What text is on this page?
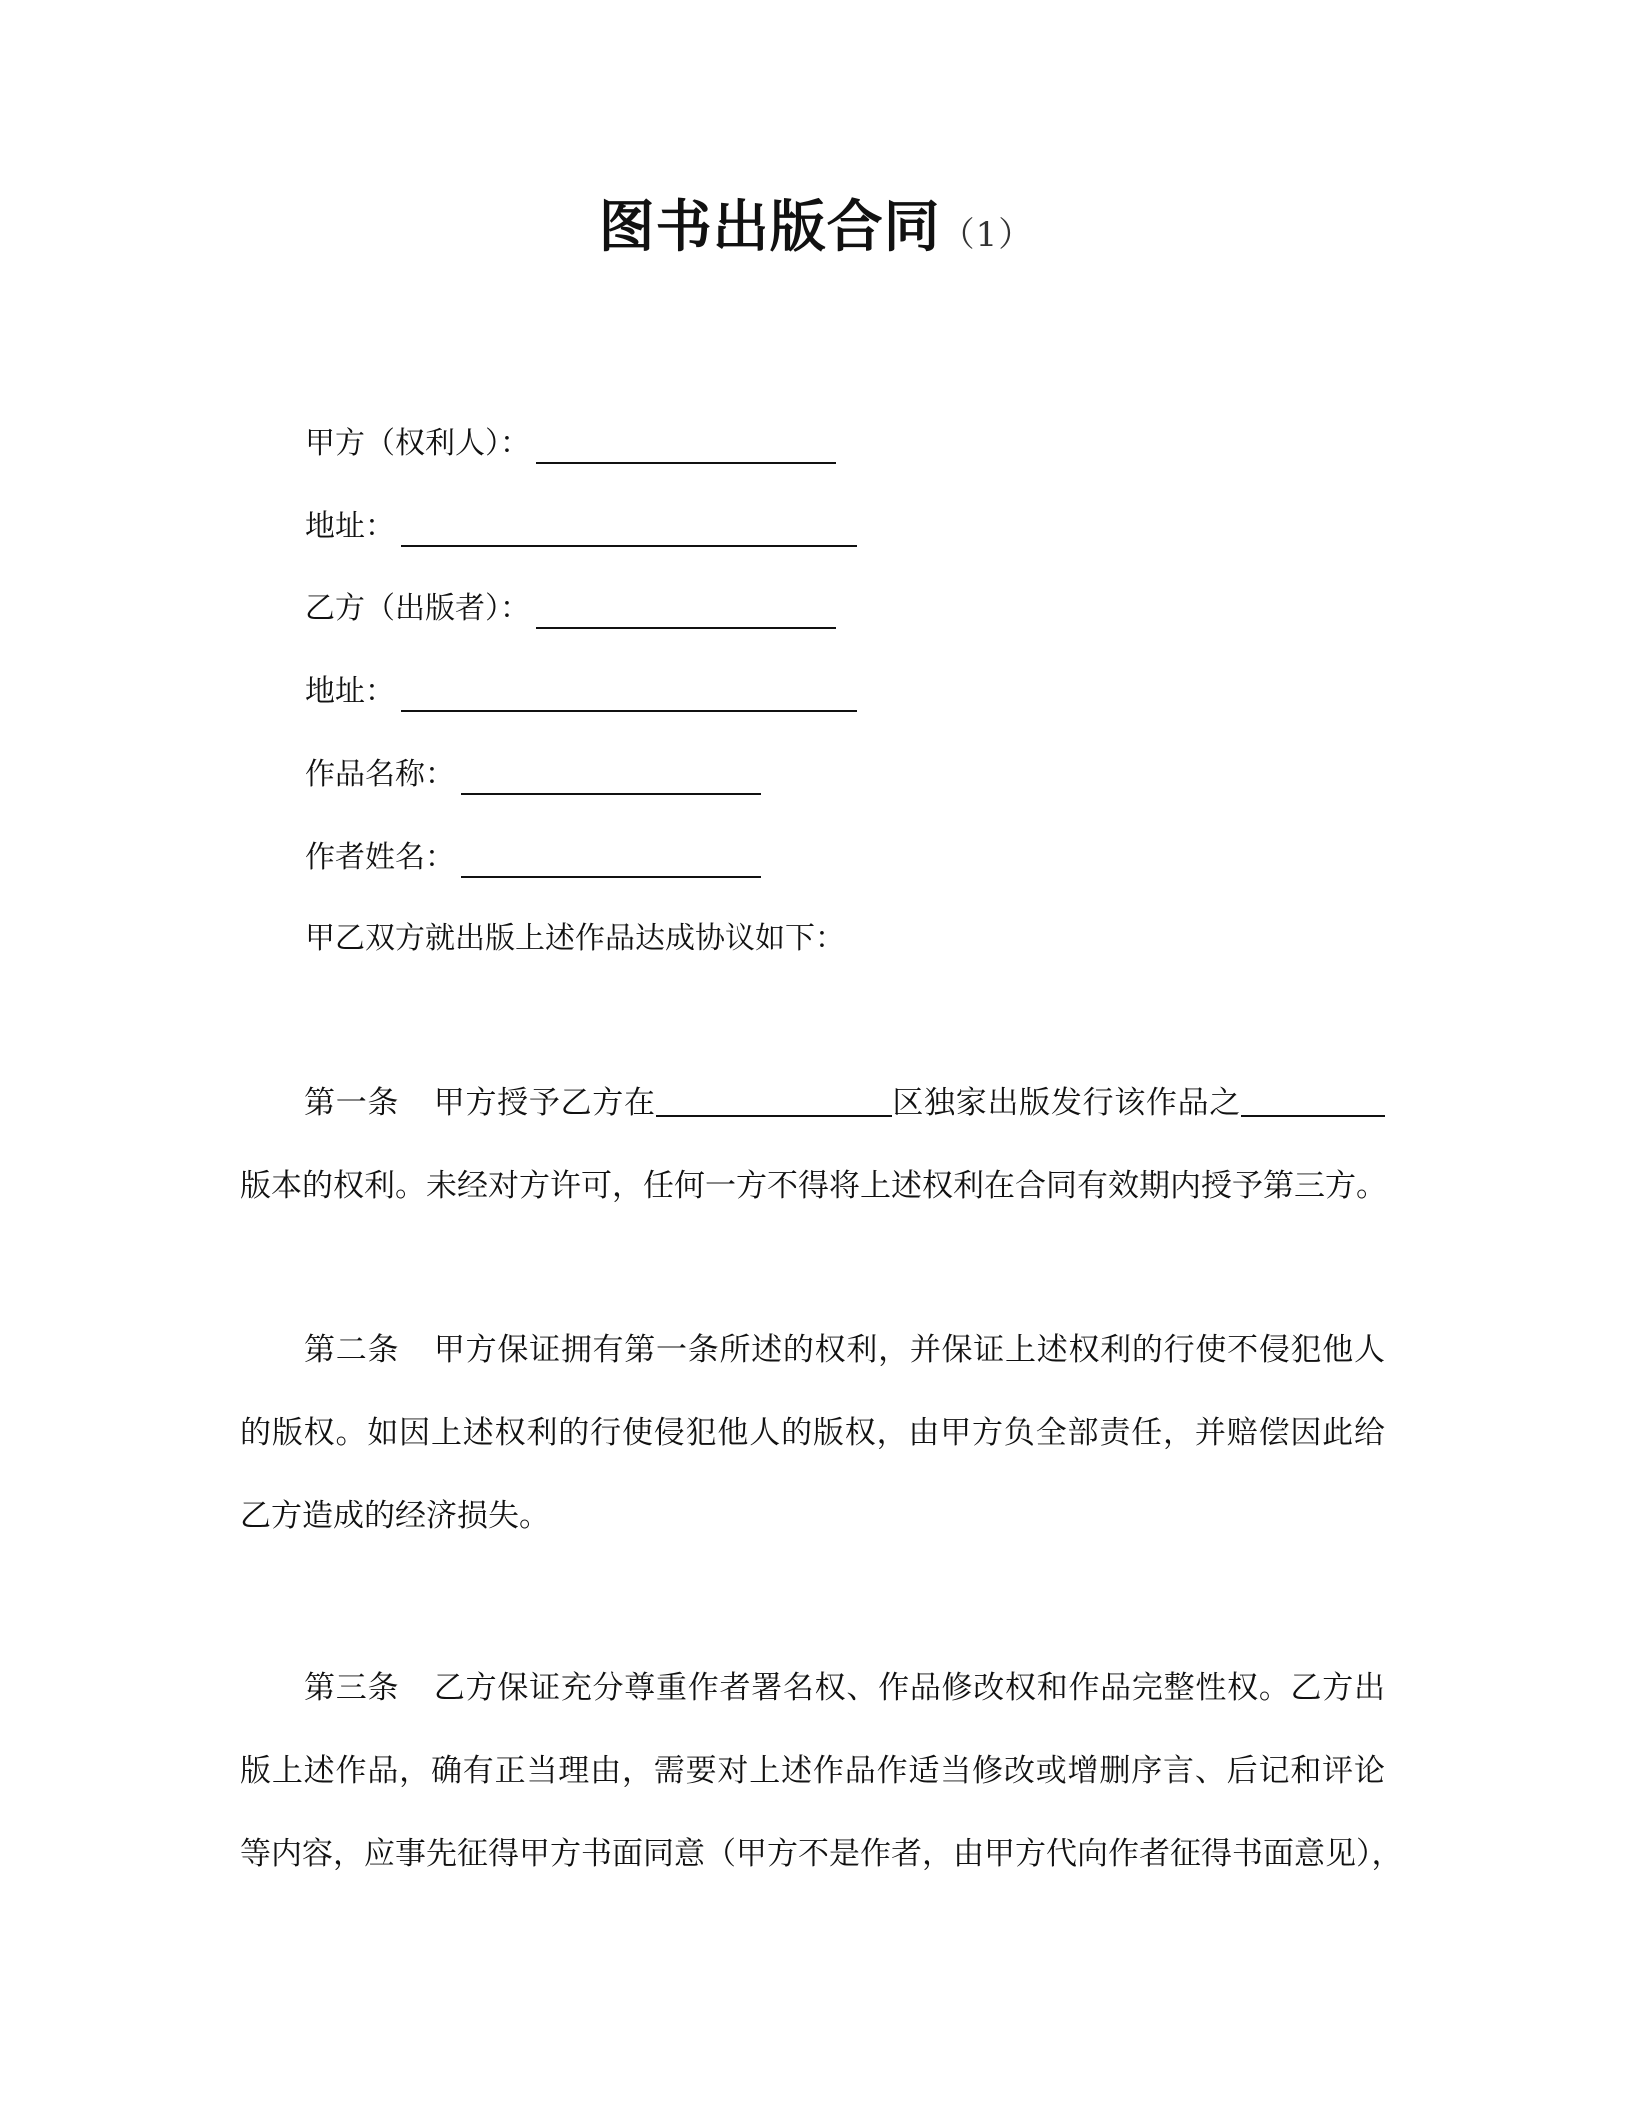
图书出版合同（1）
甲方（权利人）：
地址：
乙方（出版者）：
地址：
作品名称：
作者姓名：
甲乙双方就出版上述作品达成协议如下：
第一条 甲方授予乙方在	区独家出版发行该作品之
版本的权利。未经对方许可，任何一方不得将上述权利在合同有效期内授予第三方。
第二条 甲方保证拥有第一条所述的权利，并保证上述权利的行使不侵犯他人
的版权。如因上述权利的行使侵犯他人的版权，由甲方负全部责任，并赔偿因此给
乙方造成的经济损失。
第三条 乙方保证充分尊重作者署名权、作品修改权和作品完整性权。乙方出
版上述作品，确有正当理由，需要对上述作品作适当修改或增删序言、后记和评论
等内容，应事先征得甲方书面同意（甲方不是作者，由甲方代向作者征得书面意见），
